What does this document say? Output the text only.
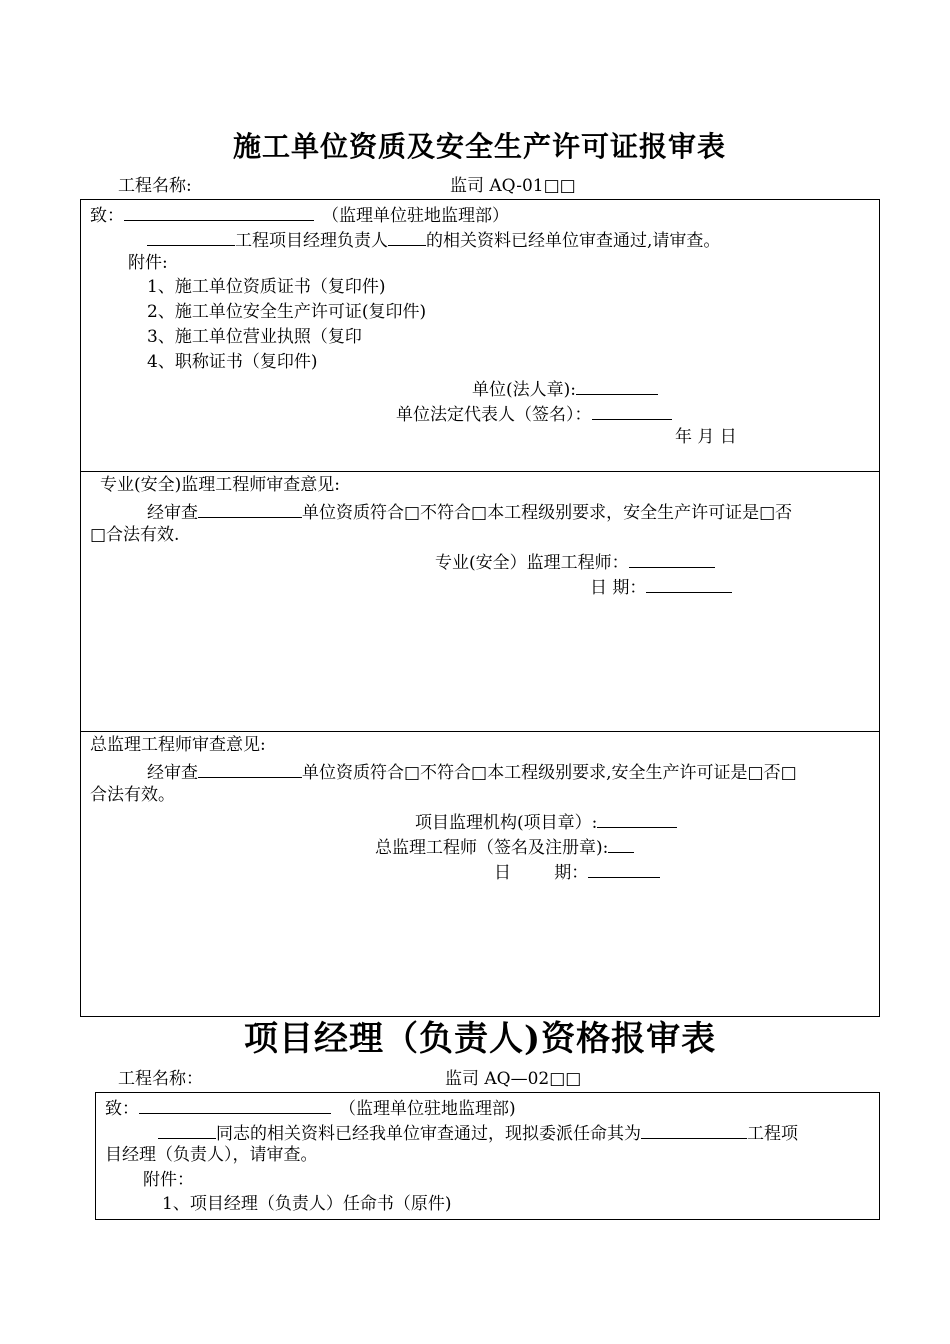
施工单位资质及安全生产许可证报审表
工程名称:	监司 AQ-01□□
致：	（监理单位驻地监理部）
工程项目经理负责人 的相关资料已经单位审查通过,请审查。
附件:
1、施工单位资质证书（复印件)
2、施工单位安全生产许可证(复印件)
3、施工单位营业执照（复印
4、职称证书（复印件)
单位(法人章):
单位法定代表人（签名）：
年 月 日
专业(安全)监理工程师审查意见:
经审查	单位资质符合□不符合□本工程级别要求，安全生产许可证是□否
□合法有效.
专业(安全）监理工程师：
日 期：
总监理工程师审查意见:
经审查	单位资质符合□不符合□本工程级别要求,安全生产许可证是□否□
合法有效。
项目监理机构(项目章）:
总监理工程师（签名及注册章):
日        期：
项目经理（负责人)资格报审表
工程名称：	监司 AQ—02□□
致：	（监理单位驻地监理部)
同志的相关资料已经我单位审查通过，现拟委派任命其为	工程项
目经理（负责人），请审查。
附件：
1、项目经理（负责人）任命书（原件)
